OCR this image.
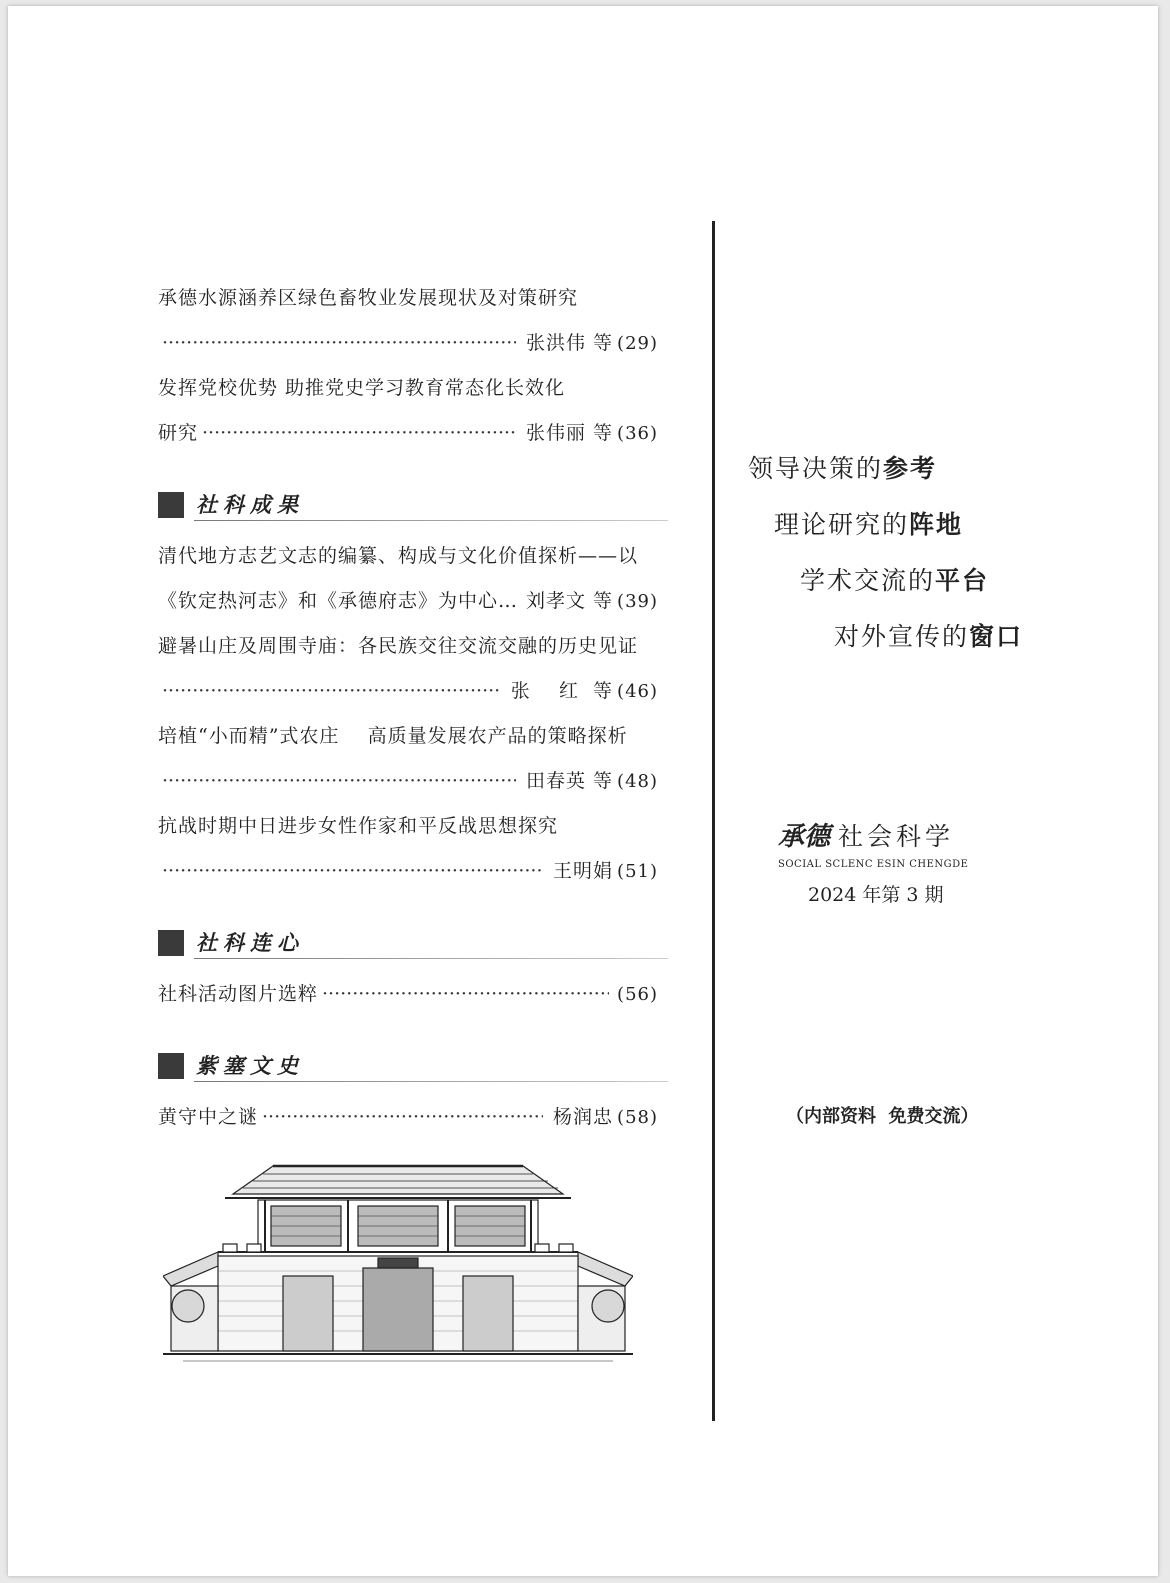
承德水源涵养区绿色畜牧业发展现状及对策研究
·····
张洪伟 等 (29)
发挥党校优势 助推党史学习教育常态化长效化
研究 ·····	张伟丽 等 (36)
社科成果
清代地方志艺文志的编纂、构成与文化价值探析——以
《钦定热河志》和《承德府志》为中心… 刘孝文 等 (39)
避暑山庄及周围寺庙：各民族交往交流交融的历史见证
·····
张    红  等 (46)
培植“小而精”式农庄    高质量发展农产品的策略探析
·····
田春英 等 (48)
抗战时期中日进步女性作家和平反战思想探究
·····
王明娟 (51)
社科连心
社科活动图片选粹 ·····	(56)
紫塞文史
黄守中之谜 ·····	杨润忠 (58)
领导决策的参考
理论研究的阵地
学术交流的平台
对外宣传的窗口
承德 社会科学
SOCIAL SCLENC ESIN CHENGDE
2024 年第 3 期
（内部资料  免费交流）
